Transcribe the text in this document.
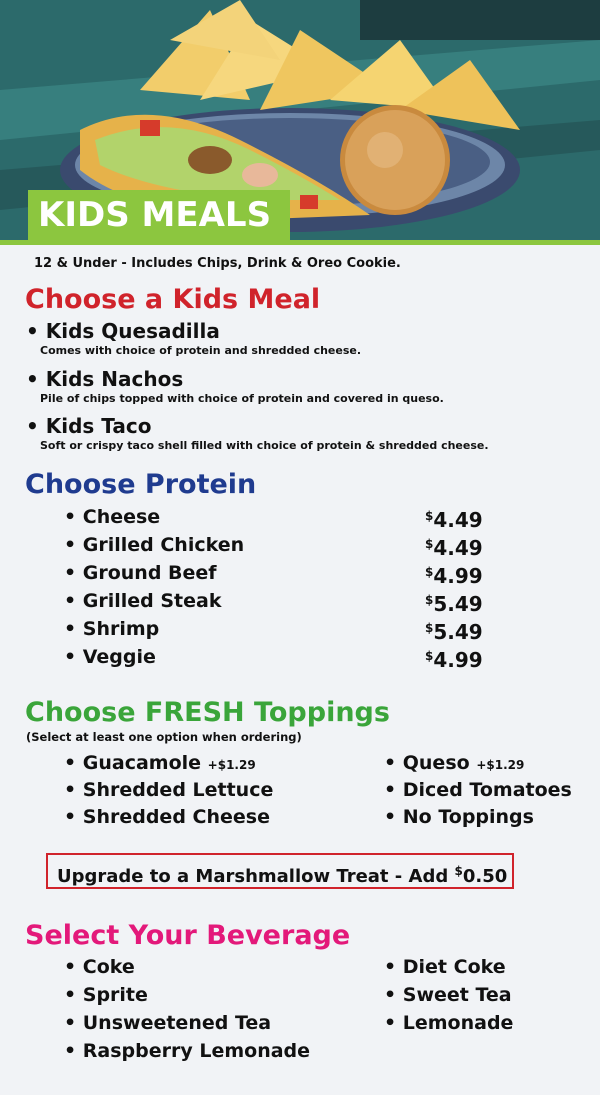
KIDS MEALS
12 & Under - Includes Chips, Drink & Oreo Cookie.
Choose a Kids Meal
• Kids Quesadilla
Comes with choice of protein and shredded cheese.
• Kids Nachos
Pile of chips topped with choice of protein and covered in queso.
• Kids Taco
Soft or crispy taco shell filled with choice of protein & shredded cheese.
Choose Protein
• Cheese	$4.49
• Grilled Chicken	$4.49
• Ground Beef	$4.99
• Grilled Steak	$5.49
• Shrimp	$5.49
• Veggie	$4.99
Choose FRESH Toppings
(Select at least one option when ordering)
• Guacamole +$1.29
• Shredded Lettuce
• Shredded Cheese
• Queso +$1.29
• Diced Tomatoes
• No Toppings
Upgrade to a Marshmallow Treat - Add $0.50
Select Your Beverage
• Coke
• Sprite
• Unsweetened Tea
• Raspberry Lemonade
• Diet Coke
• Sweet Tea
• Lemonade
